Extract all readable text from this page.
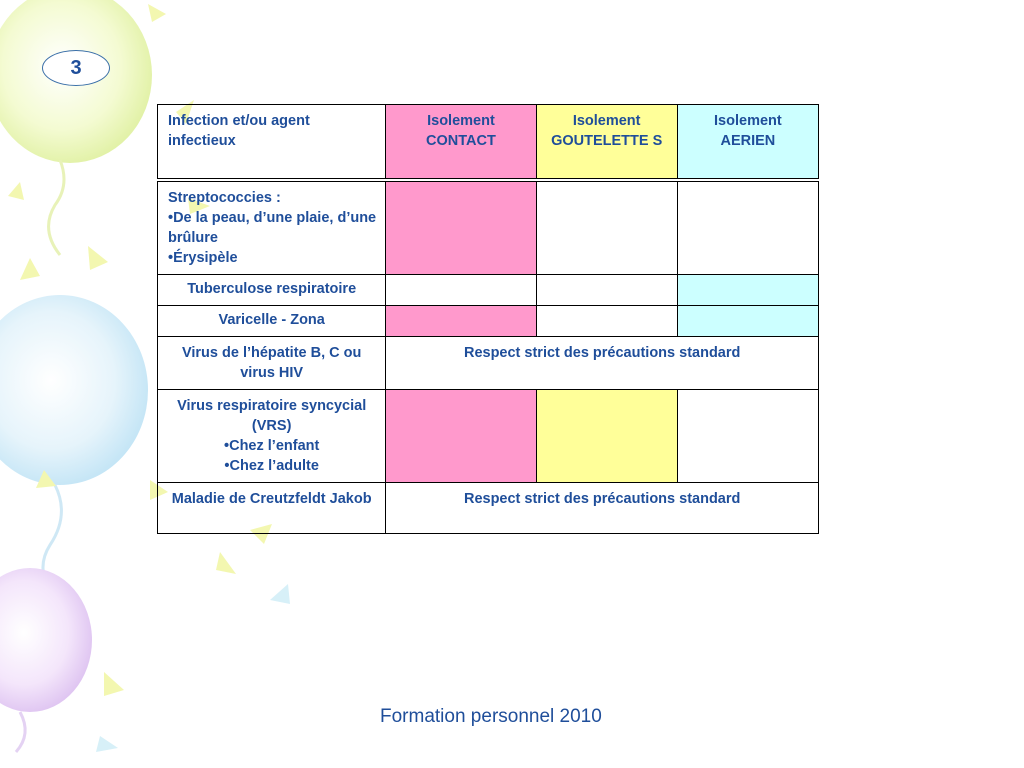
3
Infection et/ou agent infectieux	Isolement CONTACT	Isolement GOUTELETTE S	Isolement AERIEN
Streptococcies :
•De la peau, d’une plaie, d’une brûlure
•Érysipèle			

Tuberculose respiratoire			
Varicelle - Zona			
Virus de l’hépatite B, C ou virus HIV	Respect strict des précautions standard		

Virus respiratoire syncycial (VRS)
•Chez l’enfant
•Chez l’adulte			

Maladie de Creutzfeldt Jakob	Respect strict des précautions standard		
Formation personnel 2010
